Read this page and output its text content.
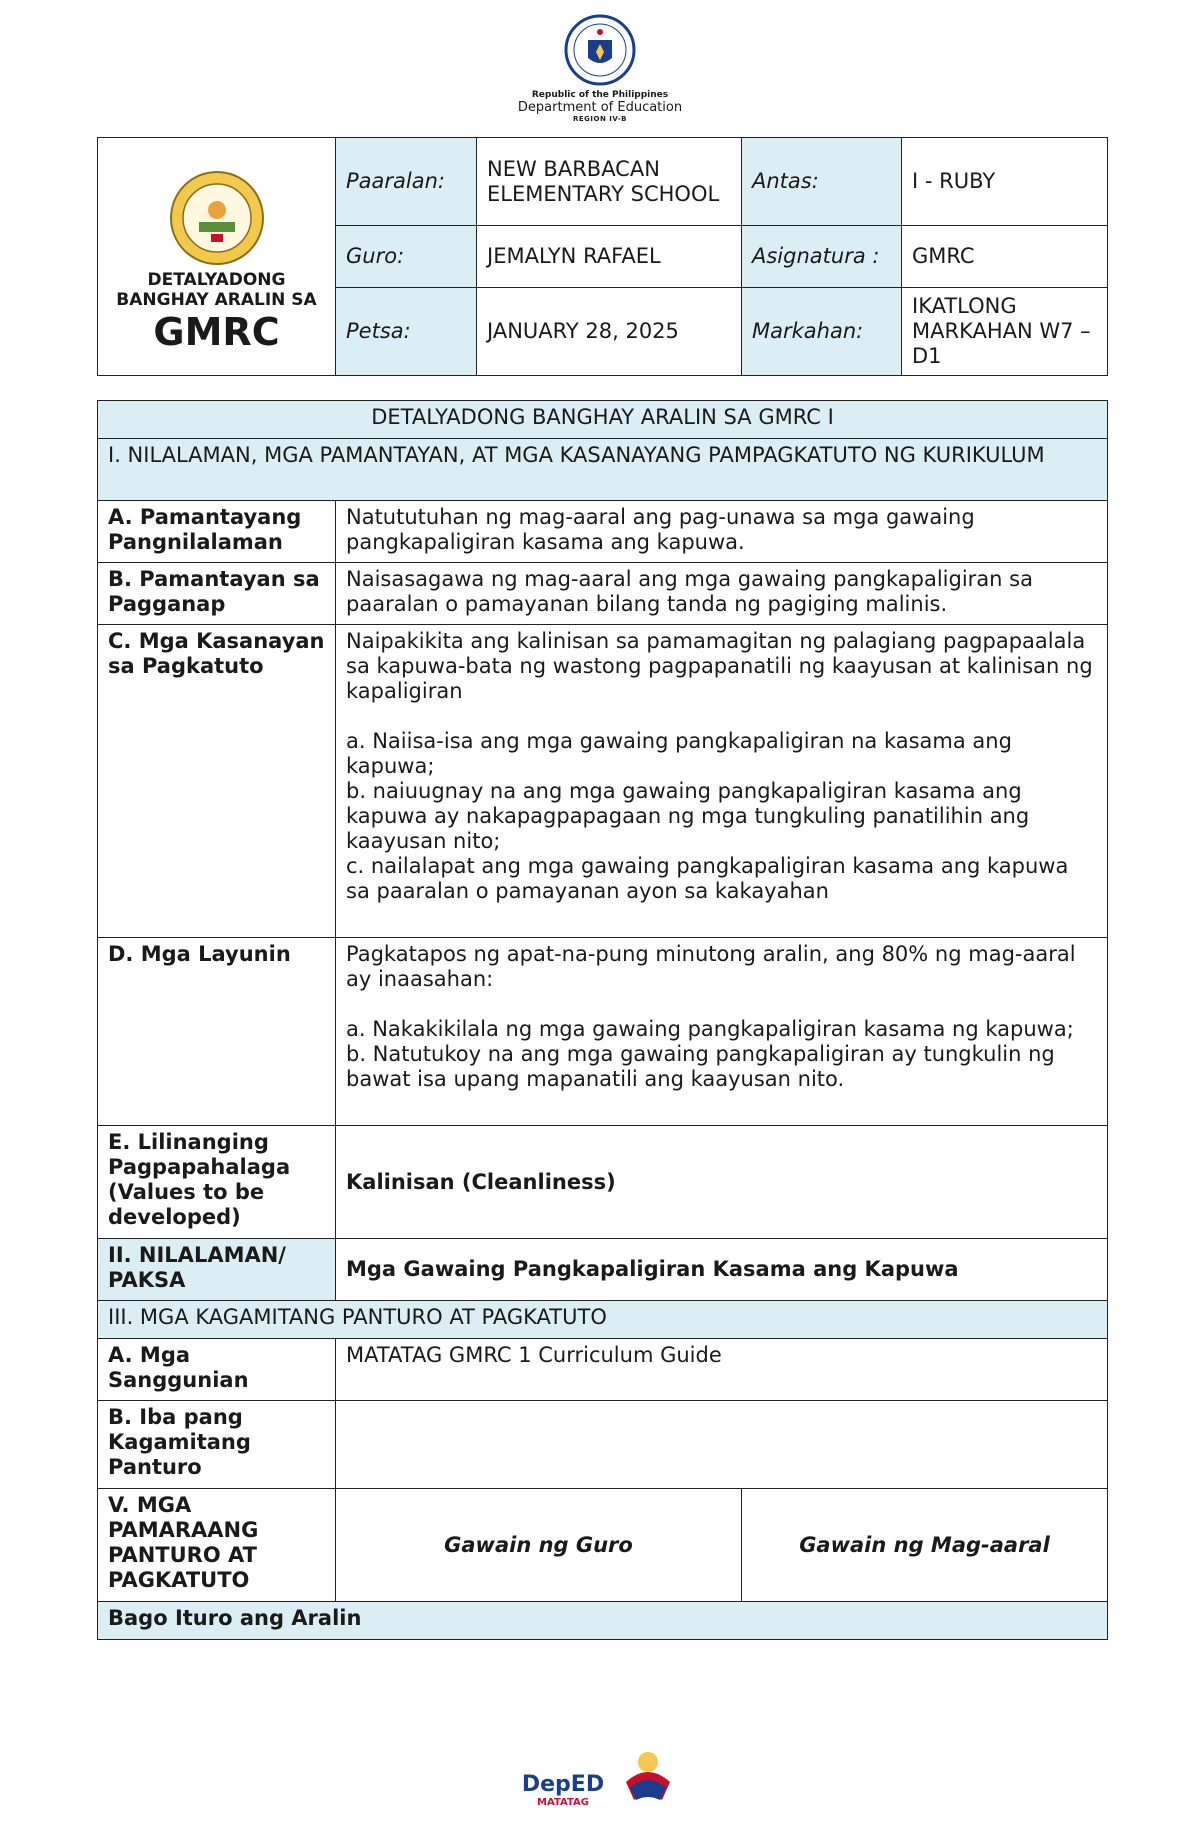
Republic of the Philippines
Department of Education
REGION IV-B
DETALYADONG BANGHAY ARALIN SA
GMRC	Paaralan:	NEW BARBACAN ELEMENTARY SCHOOL	Antas:	I - RUBY
	Guro:	JEMALYN RAFAEL	Asignatura :	GMRC
	Petsa:	JANUARY 28, 2025	Markahan:	IKATLONG MARKAHAN W7 – D1
DETALYADONG BANGHAY ARALIN SA GMRC I		
I. NILALAMAN, MGA PAMANTAYAN, AT MGA KASANAYANG PAMPAGKATUTO NG KURIKULUM		
A. Pamantayang Pangnilalaman	Natututuhan ng mag-aaral ang pag-unawa sa mga gawaing pangkapaligiran kasama ang kapuwa.	
B. Pamantayan sa Pagganap	Naisasagawa ng mag-aaral ang mga gawaing pangkapaligiran sa paaralan o pamayanan bilang tanda ng pagiging malinis.	
C. Mga Kasanayan sa Pagkatuto	Naipakikita ang kalinisan sa pamamagitan ng palagiang pagpapaalala sa kapuwa-bata ng wastong pagpapanatili ng kaayusan at kalinisan ng kapaligiran

a. Naiisa-isa ang mga gawaing pangkapaligiran na kasama ang kapuwa;
b. naiuugnay na ang mga gawaing pangkapaligiran kasama ang kapuwa ay nakapagpapagaan ng mga tungkuling panatilihin ang kaayusan nito;
c. nailalapat ang mga gawaing pangkapaligiran kasama ang kapuwa sa paaralan o pamayanan ayon sa kakayahan	
D. Mga Layunin	Pagkatapos ng apat-na-pung minutong aralin, ang 80% ng mag-aaral ay inaasahan:

a. Nakakikilala ng mga gawaing pangkapaligiran kasama ng kapuwa;
b. Natutukoy na ang mga gawaing pangkapaligiran ay tungkulin ng bawat isa upang mapanatili ang kaayusan nito.	
E. Lilinanging Pagpapahalaga (Values to be developed)	Kalinisan (Cleanliness)	
II. NILALAMAN/ PAKSA	Mga Gawaing Pangkapaligiran Kasama ang Kapuwa	
III. MGA KAGAMITANG PANTURO AT PAGKATUTO		
A. Mga Sanggunian	MATATAG GMRC 1 Curriculum Guide	
B. Iba pang Kagamitang Panturo		
V. MGA PAMARAANG PANTURO AT PAGKATUTO	Gawain ng Guro	Gawain ng Mag-aaral
Bago Ituro ang Aralin		
DepED
MATATAG
